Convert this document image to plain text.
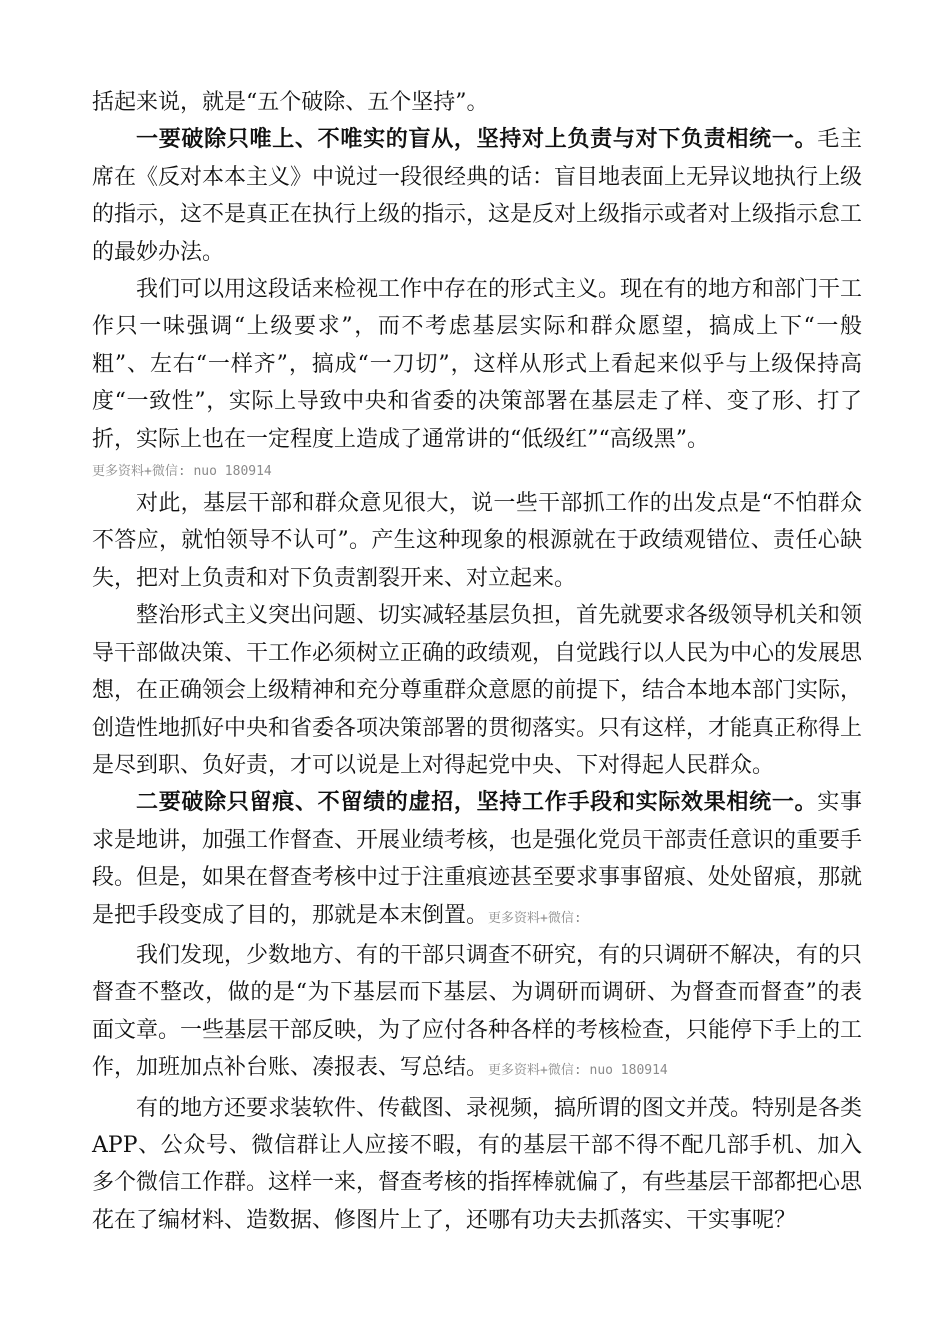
括起来说，就是“五个破除、五个坚持”。

一要破除只唯上、不唯实的盲从，坚持对上负责与对下负责相统一。毛主席在《反对本本主义》中说过一段很经典的话：盲目地表面上无异议地执行上级的指示，这不是真正在执行上级的指示，这是反对上级指示或者对上级指示怠工的最妙办法。

我们可以用这段话来检视工作中存在的形式主义。现在有的地方和部门干工作只一味强调“上级要求”，而不考虑基层实际和群众愿望，搞成上下“一般粗”、左右“一样齐”，搞成“一刀切”，这样从形式上看起来似乎与上级保持高度“一致性”，实际上导致中央和省委的决策部署在基层走了样、变了形、打了折，实际上也在一定程度上造成了通常讲的“低级红”“高级黑”。

更多资料+微信: nuo 180914

对此，基层干部和群众意见很大，说一些干部抓工作的出发点是“不怕群众不答应，就怕领导不认可”。产生这种现象的根源就在于政绩观错位、责任心缺失，把对上负责和对下负责割裂开来、对立起来。

整治形式主义突出问题、切实减轻基层负担，首先就要求各级领导机关和领导干部做决策、干工作必须树立正确的政绩观，自觉践行以人民为中心的发展思想，在正确领会上级精神和充分尊重群众意愿的前提下，结合本地本部门实际，创造性地抓好中央和省委各项决策部署的贯彻落实。只有这样，才能真正称得上是尽到职、负好责，才可以说是上对得起党中央、下对得起人民群众。

二要破除只留痕、不留绩的虚招，坚持工作手段和实际效果相统一。实事求是地讲，加强工作督查、开展业绩考核，也是强化党员干部责任意识的重要手段。但是，如果在督查考核中过于注重痕迹甚至要求事事留痕、处处留痕，那就是把手段变成了目的，那就是本末倒置。更多资料+微信:

我们发现，少数地方、有的干部只调查不研究，有的只调研不解决，有的只督查不整改，做的是“为下基层而下基层、为调研而调研、为督查而督查”的表面文章。一些基层干部反映，为了应付各种各样的考核检查，只能停下手上的工作，加班加点补台账、凑报表、写总结。更多资料+微信: nuo 180914

有的地方还要求装软件、传截图、录视频，搞所谓的图文并茂。特别是各类 APP、公众号、微信群让人应接不暇，有的基层干部不得不配几部手机、加入多个微信工作群。这样一来，督查考核的指挥棒就偏了，有些基层干部都把心思花在了编材料、造数据、修图片上了，还哪有功夫去抓落实、干实事呢？
